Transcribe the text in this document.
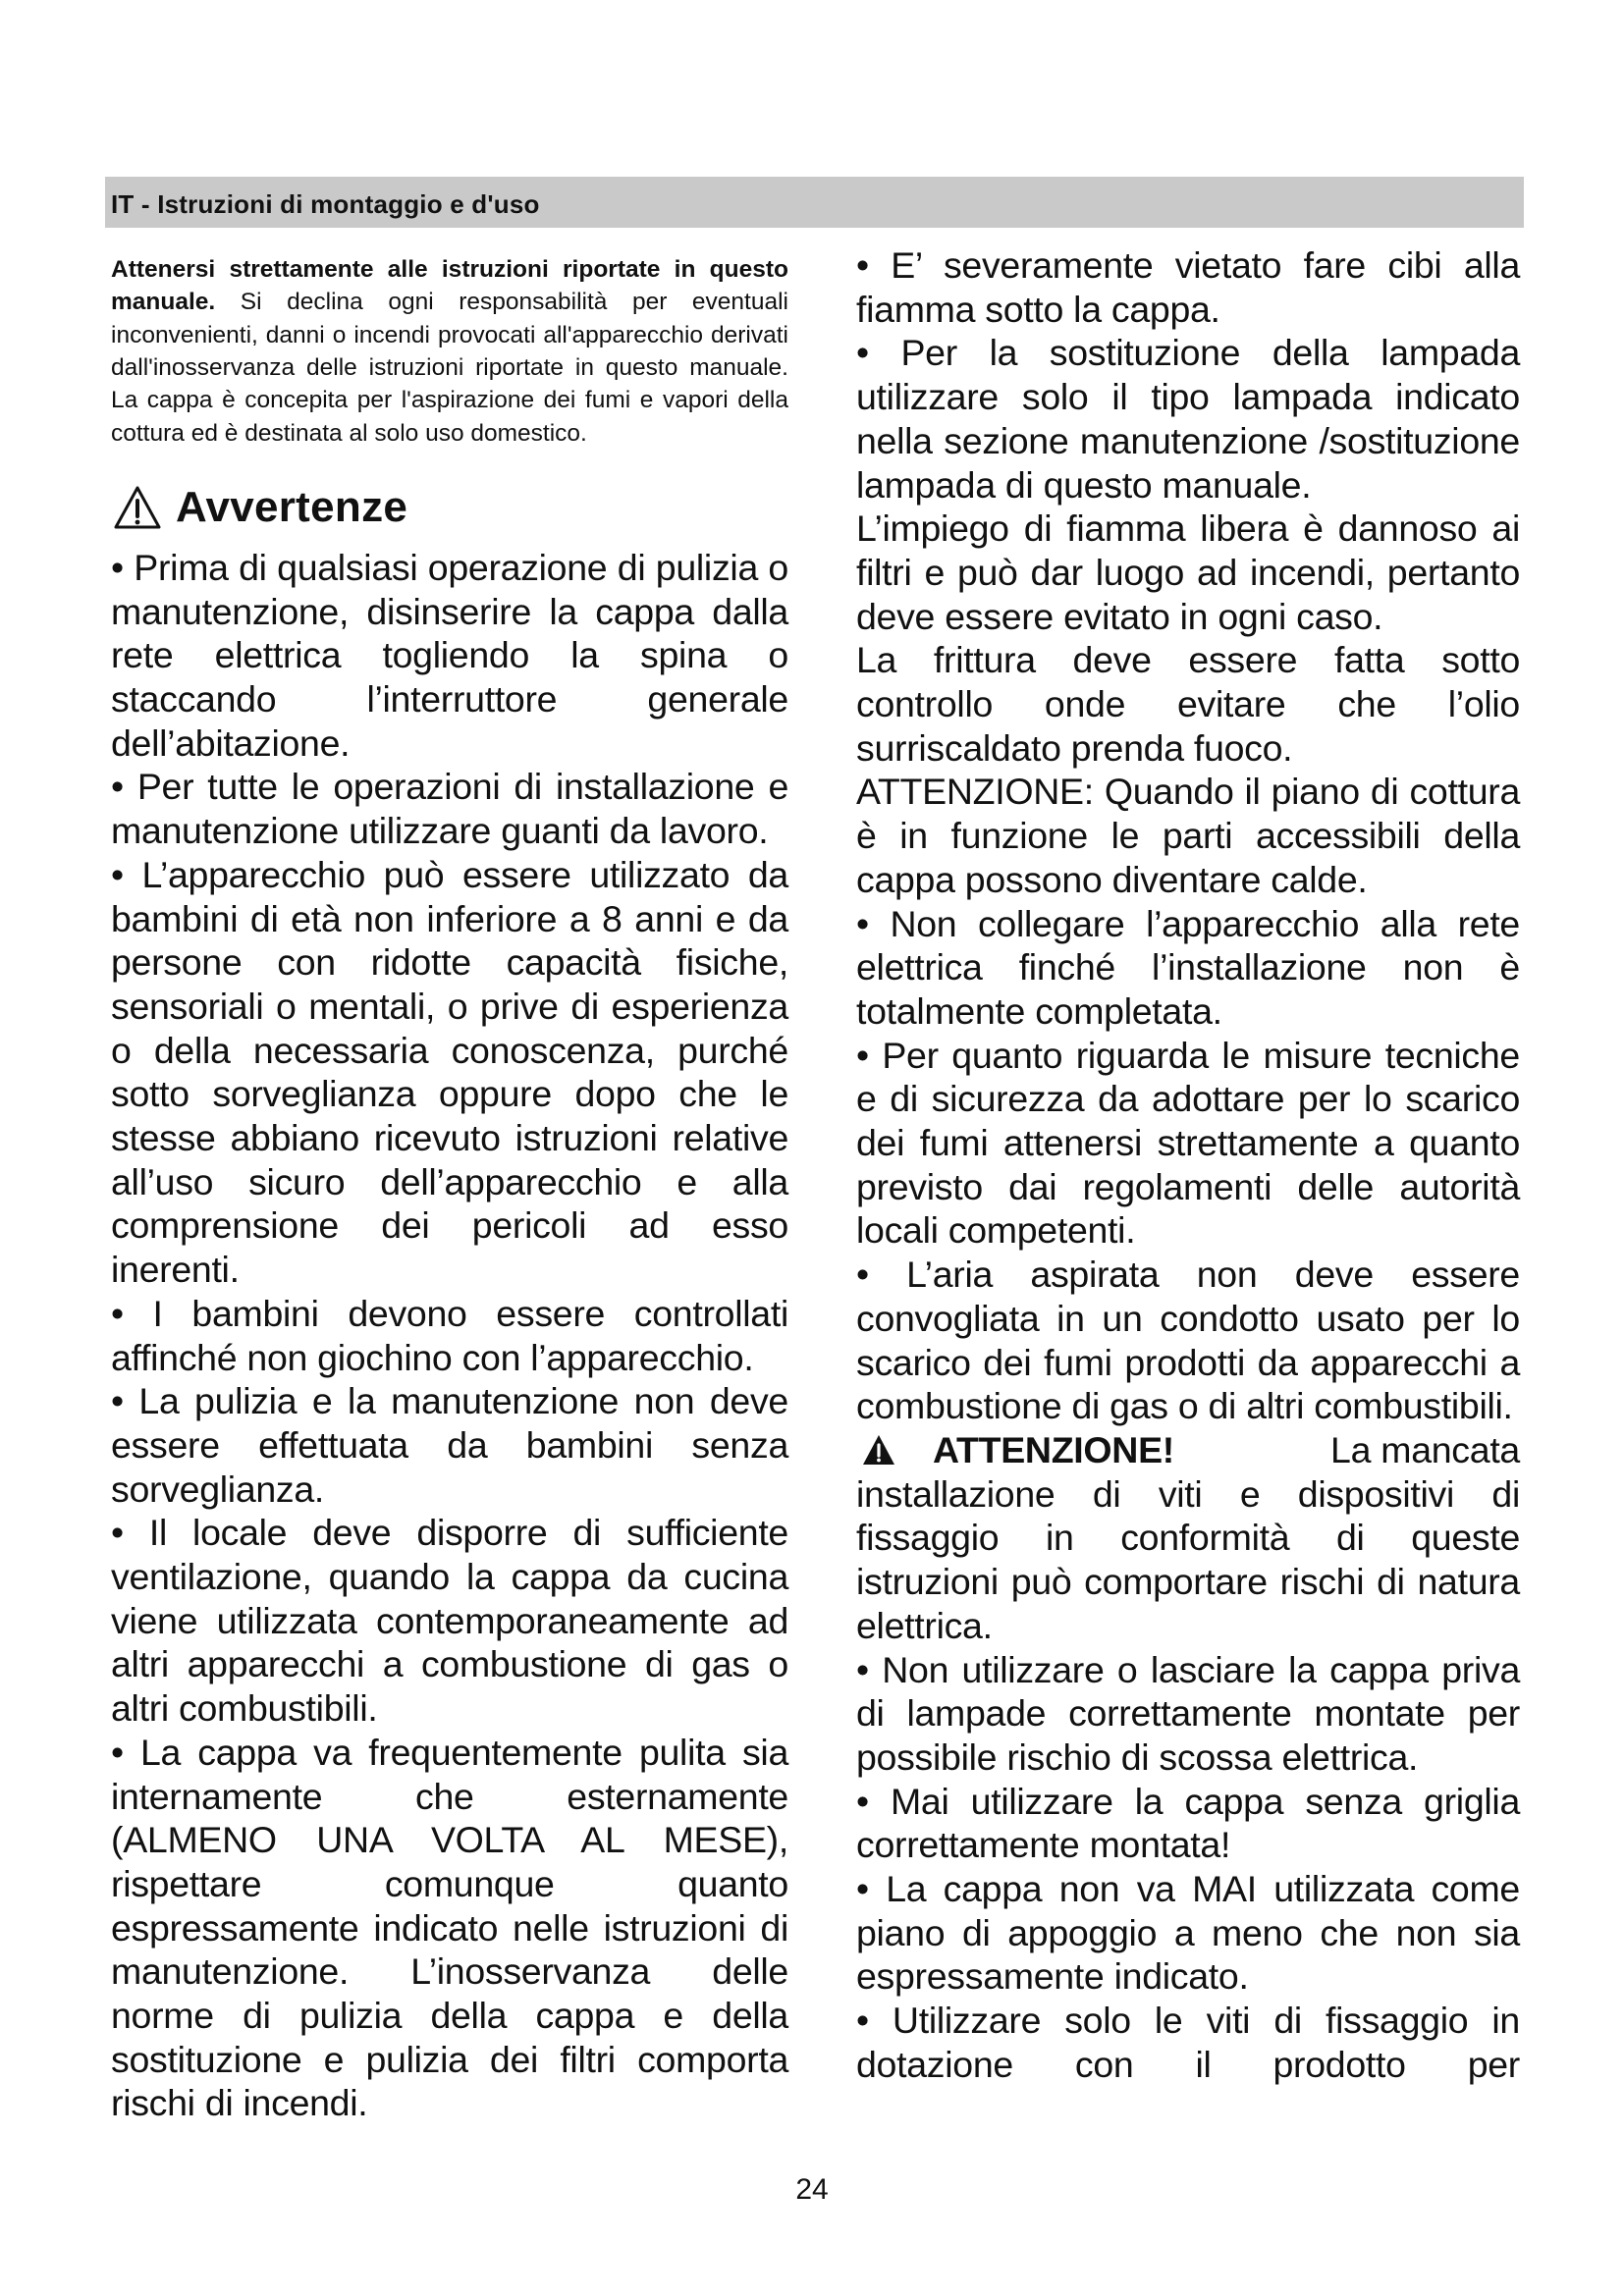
IT - Istruzioni di montaggio e d'uso

Attenersi strettamente alle istruzioni riportate in questo manuale. Si declina ogni responsabilità per eventuali inconvenienti, danni o incendi provocati all'apparecchio derivati dall'inosservanza delle istruzioni riportate in questo manuale. La cappa è concepita per l'aspirazione dei fumi e vapori della cottura ed è destinata al solo uso domestico.

Avvertenze

• Prima di qualsiasi operazione di pulizia o manutenzione, disinserire la cappa dalla rete elettrica togliendo la spina o staccando l’interruttore generale dell’abitazione.

• Per tutte le operazioni di installazione e manutenzione utilizzare guanti da lavoro.

• L’apparecchio può essere utilizzato da bambini di età non inferiore a 8 anni e da persone con ridotte capacità fisiche, sensoriali o mentali, o prive di esperienza o della necessaria conoscenza, purché sotto sorveglianza oppure dopo che le stesse abbiano ricevuto istruzioni relative all’uso sicuro dell’apparecchio e alla comprensione dei pericoli ad esso inerenti.

• I bambini devono essere controllati affinché non giochino con l’apparecchio.

• La pulizia e la manutenzione non deve essere effettuata da bambini senza sorveglianza.

• Il locale deve disporre di sufficiente ventilazione, quando la cappa da cucina viene utilizzata contemporaneamente ad altri apparecchi a combustione di gas o altri combustibili.

• La cappa va frequentemente pulita sia internamente che esternamente (ALMENO UNA VOLTA AL MESE), rispettare comunque quanto espressamente indicato nelle istruzioni di manutenzione. L’inosservanza delle norme di pulizia della cappa e della sostituzione e pulizia dei filtri comporta rischi di incendi.

• E’ severamente vietato fare cibi alla fiamma sotto la cappa.

• Per la sostituzione della lampada utilizzare solo il tipo lampada indicato nella sezione manutenzione /sostituzione lampada di questo manuale.

L’impiego di fiamma libera è dannoso ai filtri e può dar luogo ad incendi, pertanto deve essere evitato in ogni caso.

La frittura deve essere fatta sotto controllo onde evitare che l’olio surriscaldato prenda fuoco.

ATTENZIONE: Quando il piano di cottura è in funzione le parti accessibili della cappa possono diventare calde.

• Non collegare l’apparecchio alla rete elettrica finché l’installazione non è totalmente completata.

• Per quanto riguarda le misure tecniche e di sicurezza da adottare per lo scarico dei fumi attenersi strettamente a quanto previsto dai regolamenti delle autorità locali competenti.

• L’aria aspirata non deve essere convogliata in un condotto usato per lo scarico dei fumi prodotti da apparecchi a combustione di gas o di altri combustibili.

ATTENZIONE!	La mancata

installazione di viti e dispositivi di fissaggio in conformità di queste istruzioni può comportare rischi di natura elettrica.

• Non utilizzare o lasciare la cappa priva di lampade correttamente montate per possibile rischio di scossa elettrica.

• Mai utilizzare la cappa senza griglia correttamente montata!

• La cappa non va MAI utilizzata come piano di appoggio a meno che non sia espressamente indicato.

• Utilizzare solo le viti di fissaggio in dotazione con il prodotto per

24
